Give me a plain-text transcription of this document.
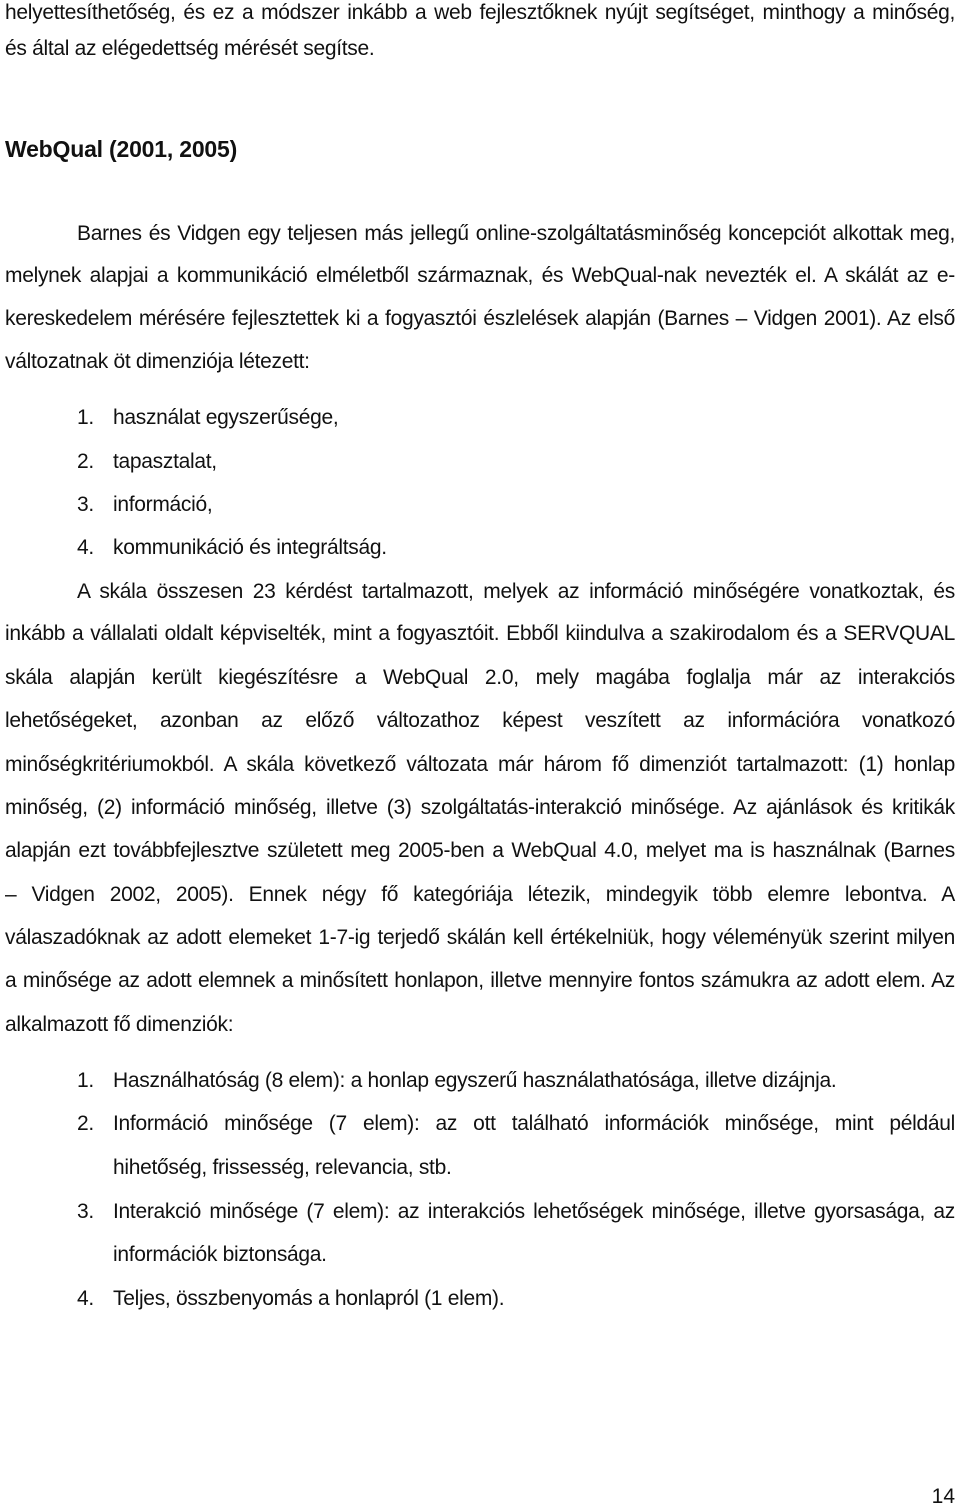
helyettesíthetőség, és ez a módszer inkább a web fejlesztőknek nyújt segítséget, minthogy a minőség,
és által az elégedettség mérését segítse.
WebQual (2001, 2005)
Barnes és Vidgen egy teljesen más jellegű online-szolgáltatásminőség koncepciót alkottak meg,
melynek alapjai a kommunikáció elméletből származnak, és WebQual-nak nevezték el. A skálát az e-
kereskedelem mérésére fejlesztettek ki a fogyasztói észlelések alapján (Barnes – Vidgen 2001). Az első
változatnak öt dimenziója létezett:
1. használat egyszerűsége,
2. tapasztalat,
3. információ,
4. kommunikáció és integráltság.
A skála összesen 23 kérdést tartalmazott, melyek az információ minőségére vonatkoztak, és
inkább a vállalati oldalt képviselték, mint a fogyasztóit. Ebből kiindulva a szakirodalom és a SERVQUAL
skála alapján került kiegészítésre a WebQual 2.0, mely magába foglalja már az interakciós
lehetőségeket, azonban az előző változathoz képest veszített az információra vonatkozó
minőségkritériumokból. A skála következő változata már három fő dimenziót tartalmazott: (1) honlap
minőség, (2) információ minőség, illetve (3) szolgáltatás-interakció minősége. Az ajánlások és kritikák
alapján ezt továbbfejlesztve született meg 2005-ben a WebQual 4.0, melyet ma is használnak (Barnes
– Vidgen 2002, 2005). Ennek négy fő kategóriája létezik, mindegyik több elemre lebontva. A
válaszadóknak az adott elemeket 1-7-ig terjedő skálán kell értékelniük, hogy véleményük szerint milyen
a minősége az adott elemnek a minősített honlapon, illetve mennyire fontos számukra az adott elem. Az
alkalmazott fő dimenziók:
1. Használhatóság (8 elem): a honlap egyszerű használathatósága, illetve dizájnja.
2. Információ minősége (7 elem): az ott található információk minősége, mint például
hihetőség, frissesség, relevancia, stb.
3. Interakció minősége (7 elem): az interakciós lehetőségek minősége, illetve gyorsasága, az
információk biztonsága.
4. Teljes, összbenyomás a honlapról (1 elem).
14
